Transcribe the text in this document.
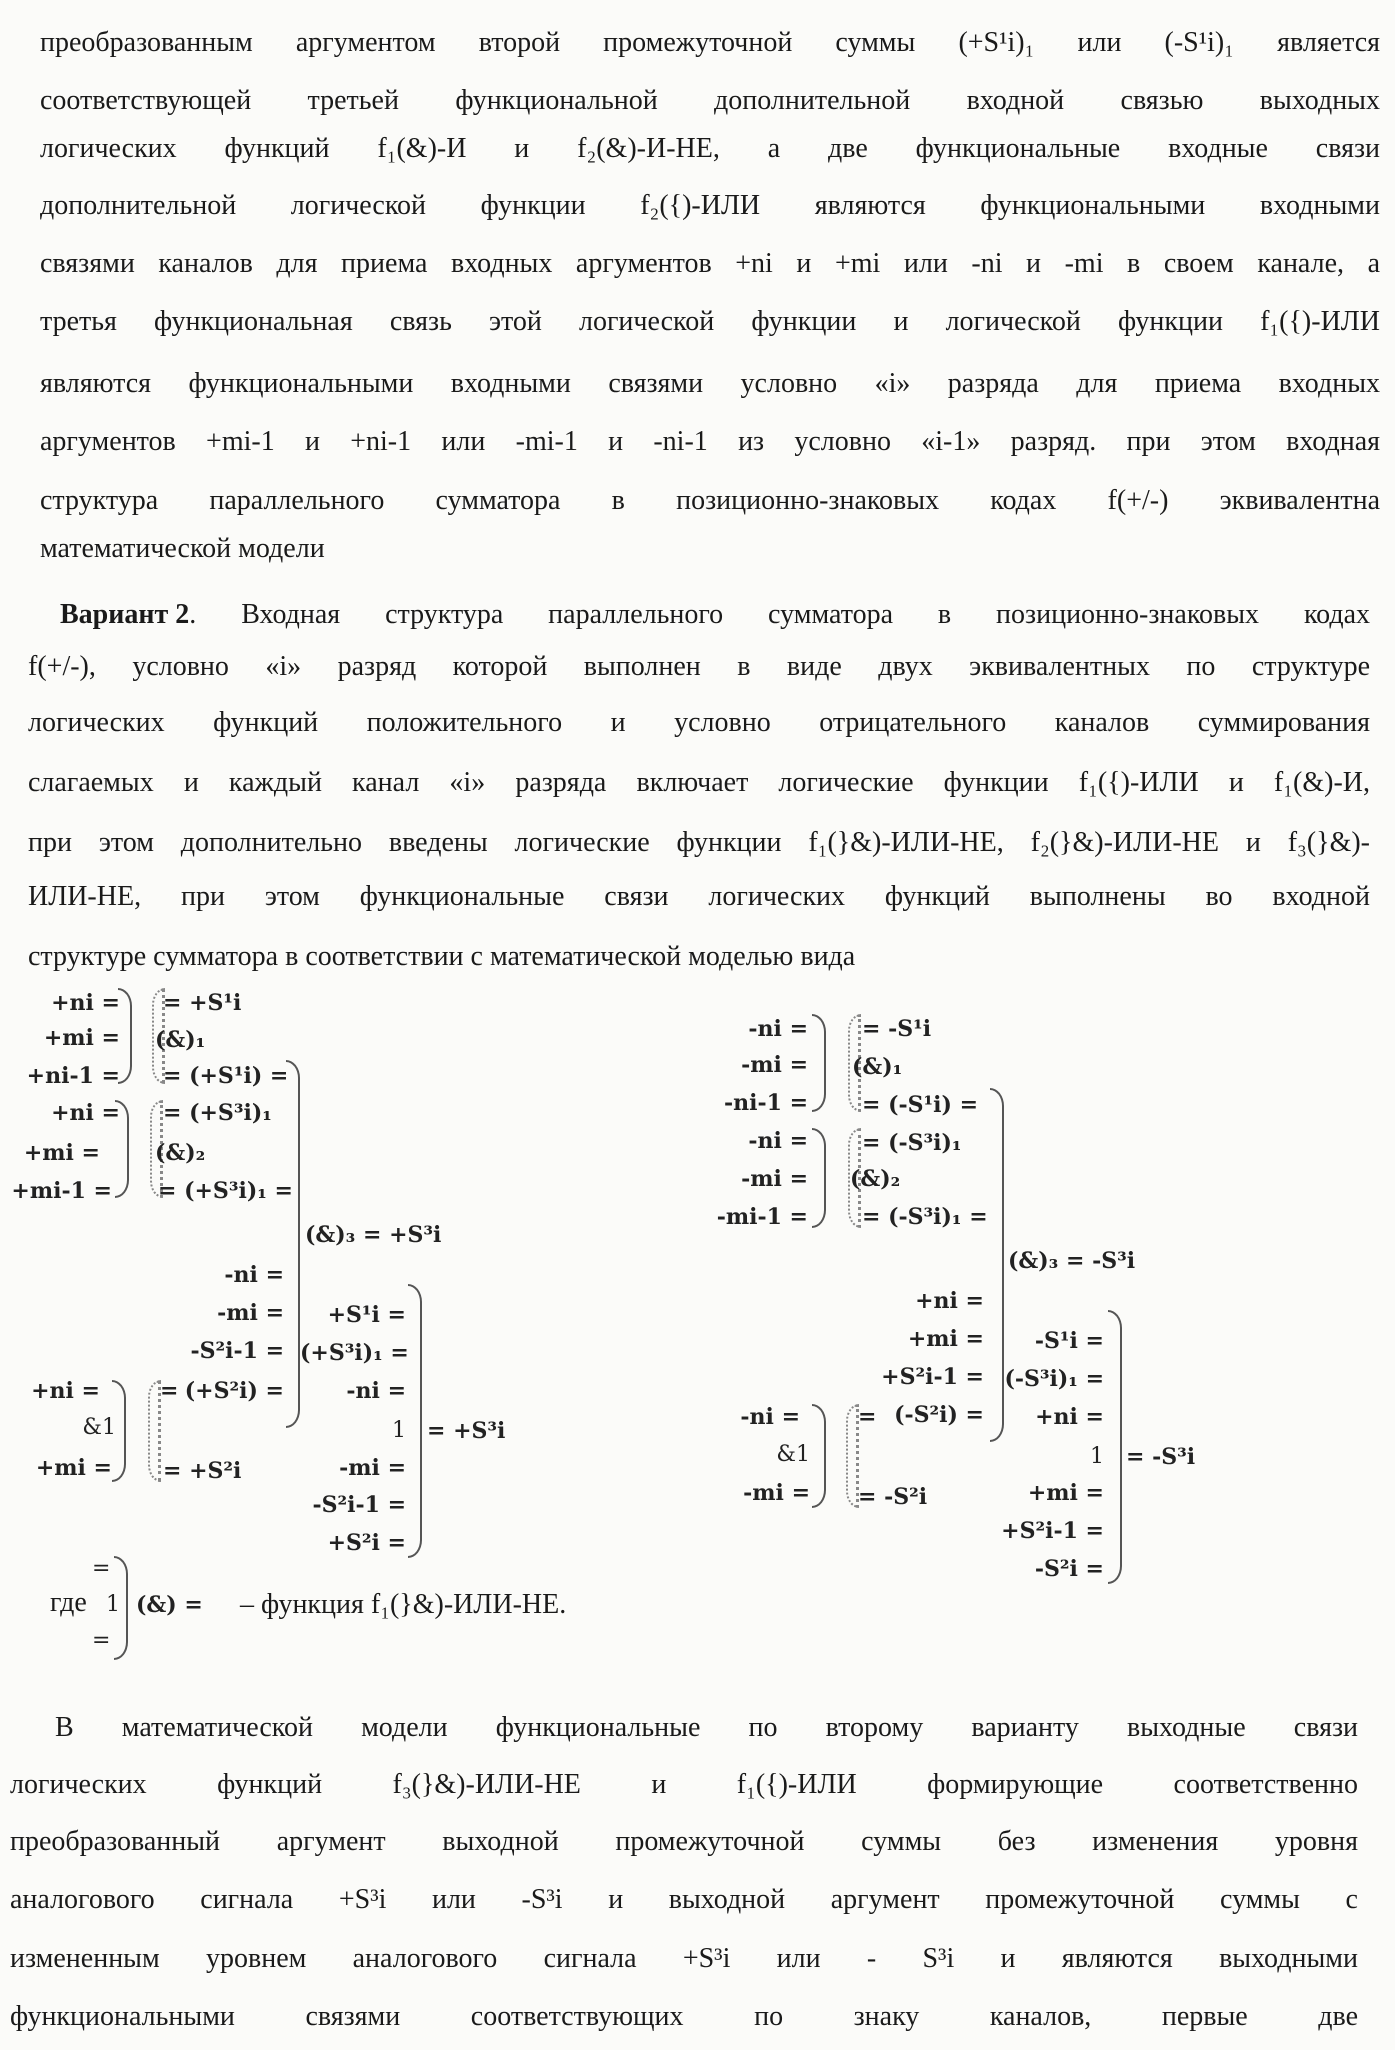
преобразованным аргументом второй промежуточной суммы (+S¹i)₁ или (-S¹i)₁ является
соответствующей третьей функциональной дополнительной входной связью выходных
логических функций f₁(&)-И и f₂(&)-И-НЕ, а две функциональные входные связи
дополнительной логической функции f₂({)-ИЛИ являются функциональными входными
связями каналов для приема входных аргументов +ni и +mi или -ni и -mi в своем канале, а
третья функциональная связь этой логической функции и логической функции f₁({)-ИЛИ
являются функциональными входными связями условно «i» разряда для приема входных
аргументов +mi-1 и +ni-1 или -mi-1 и -ni-1 из условно «i-1» разряд. при этом входная
структура параллельного сумматора в позиционно-знаковых кодах f(+/-) эквивалентна
математической модели
Вариант 2 . Входная структура параллельного сумматора в позиционно-знаковых кодах
f(+/-), условно «i» разряд которой выполнен в виде двух эквивалентных по структуре
логических функций положительного и условно отрицательного каналов суммирования
слагаемых и каждый канал «i» разряда включает логические функции f₁({)-ИЛИ и f₁(&)-И,
при этом дополнительно введены логические функции f₁(}&)-ИЛИ-НЕ, f₂(}&)-ИЛИ-НЕ и f₃(}&)-
ИЛИ-НЕ, при этом функциональные связи логических функций выполнены во входной
структуре сумматора в соответствии с математической моделью вида
+ni =
+mi =
+ni-1 =
= +S¹i
(&)₁
= (+S¹i) =
+ni =
+mi =
+mi-1 =
= (+S³i)₁
(&)₂
= (+S³i)₁ =
(&)₃ = +S³i
-ni =
-mi =
-S²i-1 =
(+S²i) =
+ni =
&1
+mi =
=
= +S²i
+S¹i =
(+S³i)₁ =
-ni =
1
-mi =
-S²i-1 =
+S²i =
= +S³i
-ni =
-mi =
-ni-1 =
= -S¹i
(&)₁
= (-S¹i) =
-ni =
-mi =
-mi-1 =
= (-S³i)₁
(&)₂
= (-S³i)₁ =
(&)₃ = -S³i
+ni =
+mi =
+S²i-1 =
(-S²i) =
-ni =
&1
-mi =
=
= -S²i
-S¹i =
(-S³i)₁ =
+ni =
1
+mi =
+S²i-1 =
-S²i =
= -S³i
где
=
1
=
(&) = – функция f₁(}&)-ИЛИ-НЕ.
В математической модели функциональные по второму варианту выходные связи
логических функций f₃(}&)-ИЛИ-НЕ и f₁({)-ИЛИ формирующие соответственно
преобразованный аргумент выходной промежуточной суммы без изменения уровня
аналогового сигнала +S³i или -S³i и выходной аргумент промежуточной суммы с
измененным уровнем аналогового сигнала +S³i или - S³i и являются выходными
функциональными связями соответствующих по знаку каналов, первые две
